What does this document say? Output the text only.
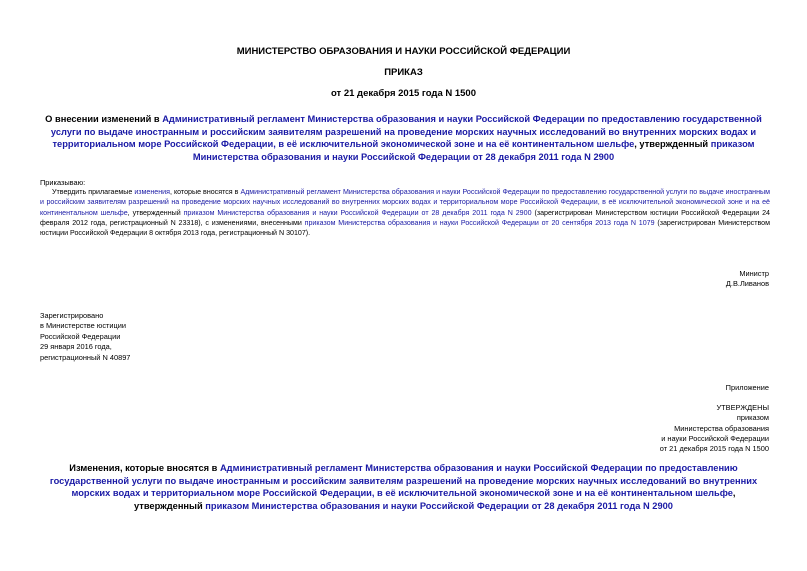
МИНИСТЕРСТВО ОБРАЗОВАНИЯ И НАУКИ РОССИЙСКОЙ ФЕДЕРАЦИИ
ПРИКАЗ
от 21 декабря 2015 года N 1500
О внесении изменений в Административный регламент Министерства образования и науки Российской Федерации по предоставлению государственной услуги по выдаче иностранным и российским заявителям разрешений на проведение морских научных исследований во внутренних морских водах и территориальном море Российской Федерации, в её исключительной экономической зоне и на её континентальном шельфе, утвержденный приказом Министерства образования и науки Российской Федерации от 28 декабря 2011 года N 2900
Приказываю:
Утвердить прилагаемые изменения, которые вносятся в Административный регламент Министерства образования и науки Российской Федерации по предоставлению государственной услуги по выдаче иностранным и российским заявителям разрешений на проведение морских научных исследований во внутренних морских водах и территориальном море Российской Федерации, в её исключительной экономической зоне и на её континентальном шельфе, утвержденный приказом Министерства образования и науки Российской Федерации от 28 декабря 2011 года N 2900 (зарегистрирован Министерством юстиции Российской Федерации 24 февраля 2012 года, регистрационный N 23318), с изменениями, внесенными приказом Министерства образования и науки Российской Федерации от 20 сентября 2013 года N 1079 (зарегистрирован Министерством юстиции Российской Федерации 8 октября 2013 года, регистрационный N 30107).
Министр
Д.В.Ливанов
Зарегистрировано
в Министерстве юстиции
Российской Федерации
29 января 2016 года,
регистрационный N 40897
Приложение
УТВЕРЖДЕНЫ
приказом
Министерства образования
и науки Российской Федерации
от 21 декабря 2015 года N 1500
Изменения, которые вносятся в Административный регламент Министерства образования и науки Российской Федерации по предоставлению государственной услуги по выдаче иностранным и российским заявителям разрешений на проведение морских научных исследований во внутренних морских водах и территориальном море Российской Федерации, в её исключительной экономической зоне и на её континентальном шельфе, утвержденный приказом Министерства образования и науки Российской Федерации от 28 декабря 2011 года N 2900
